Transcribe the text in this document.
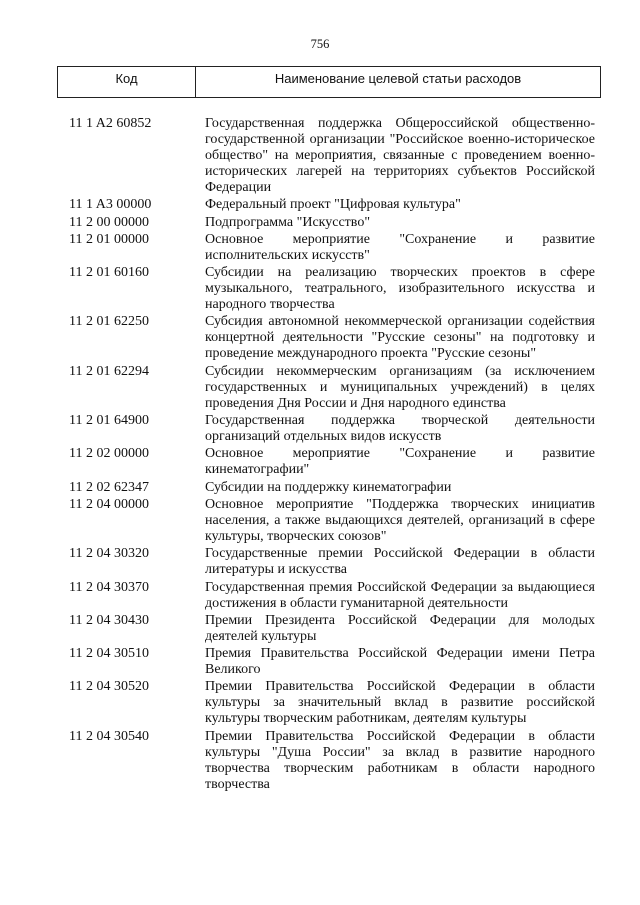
756
Код	Наименование целевой статьи расходов
11 1 A2 60852	Государственная поддержка Общероссийской общественно-государственной организации "Российское военно-историческое общество" на мероприятия, связанные с проведением военно-исторических лагерей на территориях субъектов Российской Федерации
11 1 A3 00000	Федеральный проект "Цифровая культура"
11 2 00 00000	Подпрограмма "Искусство"
11 2 01 00000	Основное мероприятие "Сохранение и развитие исполнительских искусств"
11 2 01 60160	Субсидии на реализацию творческих проектов в сфере музыкального, театрального, изобразительного искусства и народного творчества
11 2 01 62250	Субсидия автономной некоммерческой организации содействия концертной деятельности "Русские сезоны" на подготовку и проведение международного проекта "Русские сезоны"
11 2 01 62294	Субсидии некоммерческим организациям (за исключением государственных и муниципальных учреждений) в целях проведения Дня России и Дня народного единства
11 2 01 64900	Государственная поддержка творческой деятельности организаций отдельных видов искусств
11 2 02 00000	Основное мероприятие "Сохранение и развитие кинематографии"
11 2 02 62347	Субсидии на поддержку кинематографии
11 2 04 00000	Основное мероприятие "Поддержка творческих инициатив населения, а также выдающихся деятелей, организаций в сфере культуры, творческих союзов"
11 2 04 30320	Государственные премии Российской Федерации в области литературы и искусства
11 2 04 30370	Государственная премия Российской Федерации за выдающиеся достижения в области гуманитарной деятельности
11 2 04 30430	Премии Президента Российской Федерации для молодых деятелей культуры
11 2 04 30510	Премия Правительства Российской Федерации имени Петра Великого
11 2 04 30520	Премии Правительства Российской Федерации в области культуры за значительный вклад в развитие российской культуры творческим работникам, деятелям культуры
11 2 04 30540	Премии Правительства Российской Федерации в области культуры "Душа России" за вклад в развитие народного творчества творческим работникам в области народного творчества
